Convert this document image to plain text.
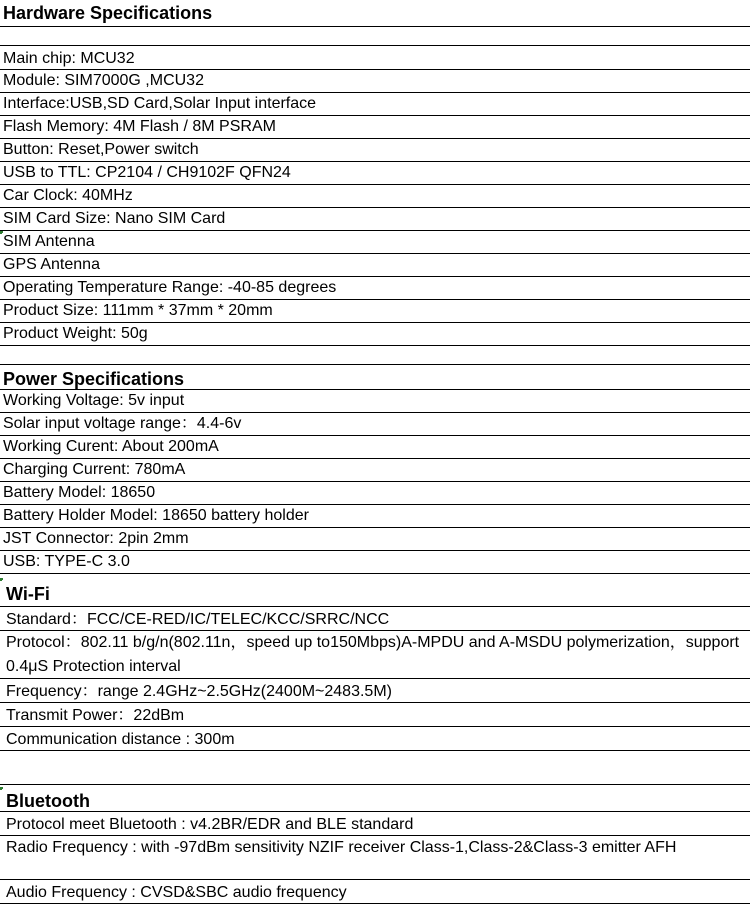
Hardware Specifications
Main chip: MCU32
Module: SIM7000G ,MCU32
Interface:USB,SD Card,Solar Input interface
Flash Memory: 4M Flash / 8M PSRAM
Button: Reset,Power switch
USB to TTL: CP2104 / CH9102F QFN24
Car Clock: 40MHz
SIM Card Size: Nano SIM Card
SIM Antenna
GPS Antenna
Operating Temperature Range: -40-85 degrees
Product Size: 111mm * 37mm * 20mm
Product Weight: 50g
Power Specifications
Working Voltage: 5v input
Solar input voltage range：4.4-6v
Working Curent: About 200mA
Charging Current: 780mA
Battery Model: 18650
Battery Holder Model: 18650 battery holder
JST Connector: 2pin 2mm
USB: TYPE-C 3.0
Wi-Fi
Standard：FCC/CE-RED/IC/TELEC/KCC/SRRC/NCC
Protocol：802.11 b/g/n(802.11n，speed up to150Mbps)A-MPDU and A-MSDU polymerization，support 0.4μS Protection interval
Frequency：range 2.4GHz~2.5GHz(2400M~2483.5M)
Transmit Power：22dBm
Communication distance : 300m
Bluetooth
Protocol meet Bluetooth : v4.2BR/EDR and BLE standard
Radio Frequency : with -97dBm sensitivity NZIF receiver Class-1,Class-2&Class-3 emitter AFH
Audio Frequency : CVSD&SBC audio frequency
